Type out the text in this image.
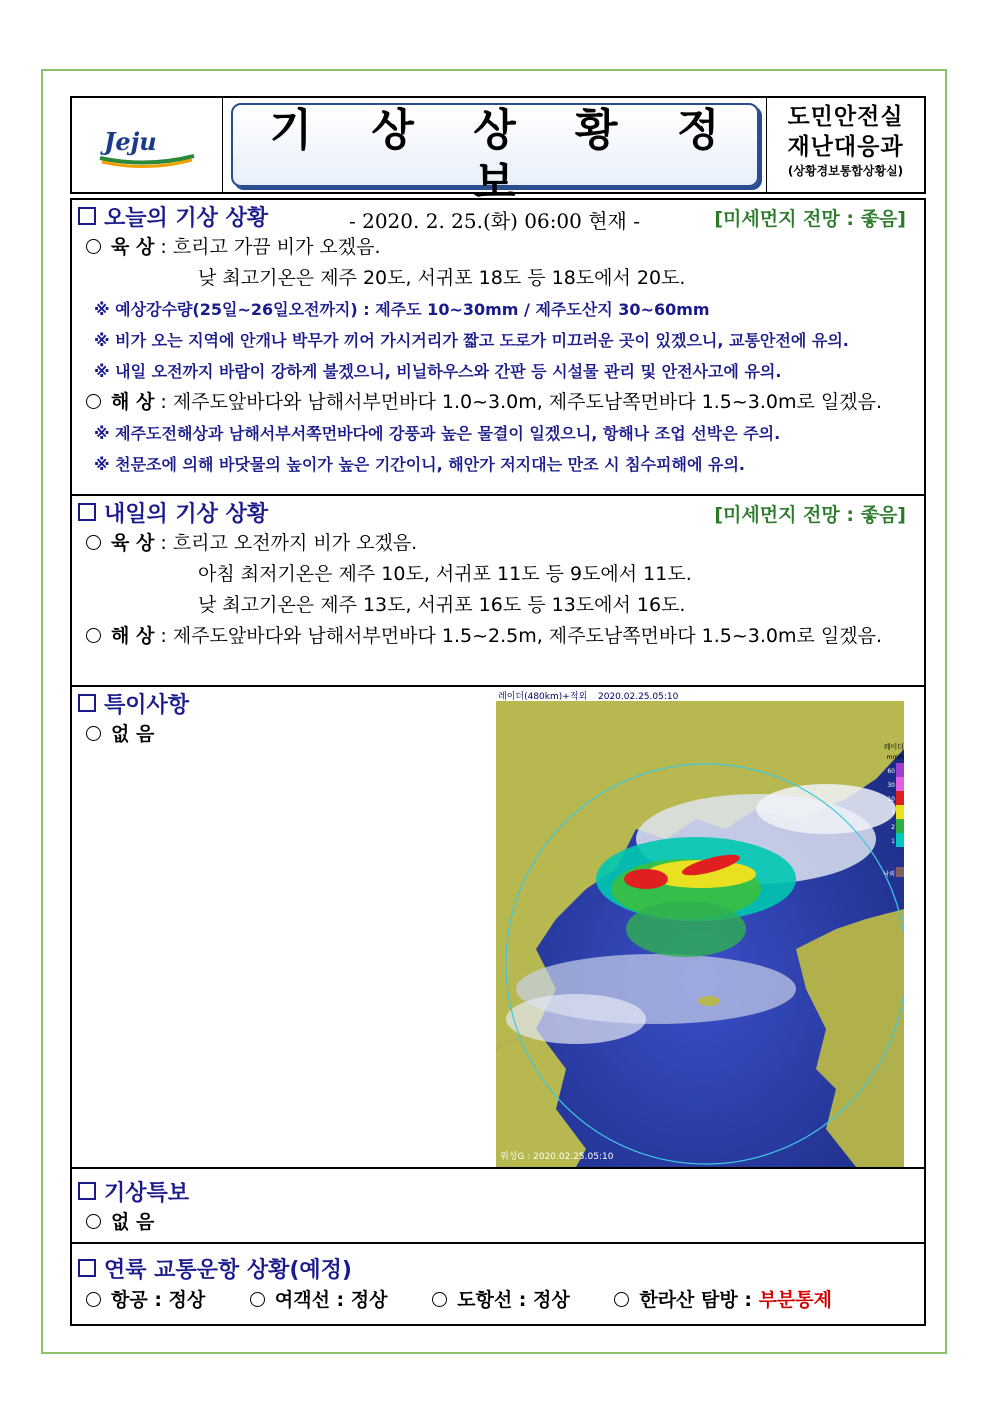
Jeju	기 상 상 황 정 보
- 2020. 2. 25.(화) 06:00 현재 -
도민안전실
재난대응과
(상황경보통합상황실)
오늘의 기상 상황	[미세먼지 전망 : 좋음]
육 상 : 흐리고 가끔 비가 오겠음.
낮 최고기온은 제주 20도, 서귀포 18도 등 18도에서 20도.
※ 예상강수량(25일~26일오전까지) : 제주도 10~30mm / 제주도산지 30~60mm
※ 비가 오는 지역에 안개나 박무가 끼어 가시거리가 짧고 도로가 미끄러운 곳이 있겠으니, 교통안전에 유의.
※ 내일 오전까지 바람이 강하게 불겠으니, 비닐하우스와 간판 등 시설물 관리 및 안전사고에 유의.
해 상 : 제주도앞바다와 남해서부먼바다 1.0~3.0m, 제주도남쪽먼바다 1.5~3.0m로 일겠음.
※ 제주도전해상과 남해서부서쪽먼바다에 강풍과 높은 물결이 일겠으니, 항해나 조업 선박은 주의.
※ 천문조에 의해 바닷물의 높이가 높은 기간이니, 해안가 저지대는 만조 시 침수피해에 유의.
내일의 기상 상황	[미세먼지 전망 : 좋음]
육 상 : 흐리고 오전까지 비가 오겠음.
아침 최저기온은 제주 10도, 서귀포 11도 등 9도에서 11도.
낮 최고기온은 제주 13도, 서귀포 16도 등 13도에서 16도.
해 상 : 제주도앞바다와 남해서부먼바다 1.5~2.5m, 제주도남쪽먼바다 1.5~3.0m로 일겠음.
특이사항
없 음
레이더(480km)+적외 2020.02.25.05:10
위성G : 2020.02.25.05:10
레이더
mm/h
60
30
10
5
2
1
낙뢰
기상특보
없 음
연륙 교통운항 상황(예정)
항공 : 정상	여객선 : 정상	도항선 : 정상	한라산 탐방 : 부분통제
